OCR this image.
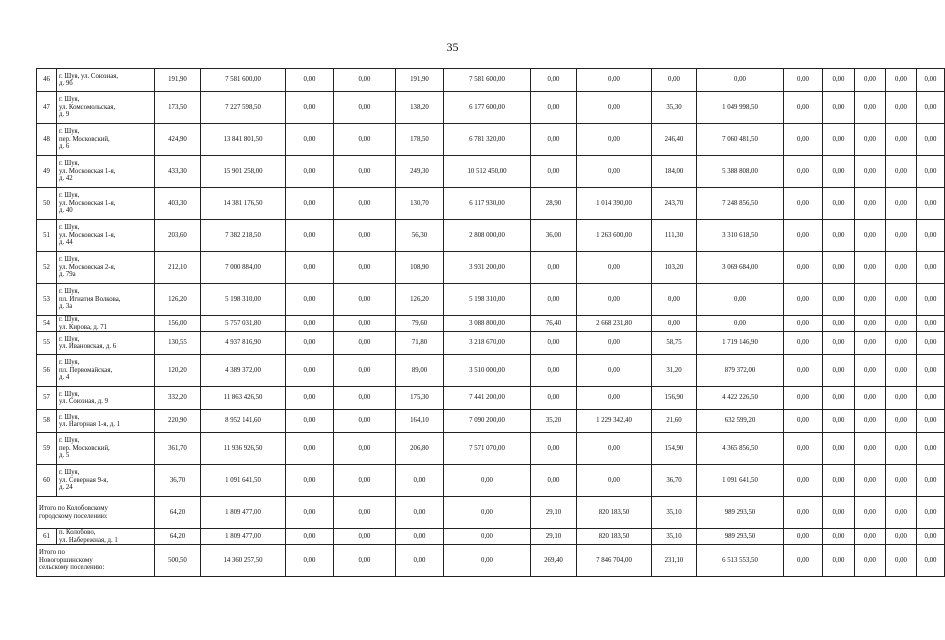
35
46	г. Шуя, ул. Союзная,
д. 9б	191,90	7 581 600,00	0,00	0,00	191,90	7 581 600,00	0,00	0,00	0,00	0,00	0,00	0,00	0,00	0,00	0,00
47	г. Шуя,
ул. Комсомольская,
д. 9	173,50	7 227 598,50	0,00	0,00	138,20	6 177 600,00	0,00	0,00	35,30	1 049 998,50	0,00	0,00	0,00	0,00	0,00
48	г. Шуя,
пер. Московский,
д. 6	424,90	13 841 801,50	0,00	0,00	178,50	6 781 320,00	0,00	0,00	246,40	7 060 481,50	0,00	0,00	0,00	0,00	0,00
49	г. Шуя,
ул. Московская 1-я,
д. 42	433,30	15 901 258,00	0,00	0,00	249,30	10 512 450,00	0,00	0,00	184,00	5 388 808,00	0,00	0,00	0,00	0,00	0,00
50	г. Шуя,
ул. Московская 1-я,
д. 40	403,30	14 381 176,50	0,00	0,00	130,70	6 117 930,00	28,90	1 014 390,00	243,70	7 248 856,50	0,00	0,00	0,00	0,00	0,00
51	г. Шуя,
ул. Московская 1-я,
д. 44	203,60	7 382 218,50	0,00	0,00	56,30	2 808 000,00	36,00	1 263 600,00	111,30	3 310 618,50	0,00	0,00	0,00	0,00	0,00
52	г. Шуя,
ул. Московская 2-я,
д. 79а	212,10	7 000 884,00	0,00	0,00	108,90	3 931 200,00	0,00	0,00	103,20	3 069 684,00	0,00	0,00	0,00	0,00	0,00
53	г. Шуя,
пл. Игнатия Волкова,
д. 3а	126,20	5 198 310,00	0,00	0,00	126,20	5 198 310,00	0,00	0,00	0,00	0,00	0,00	0,00	0,00	0,00	0,00
54	г. Шуя,
ул. Кирова, д. 71	156,00	5 757 031,80	0,00	0,00	79,60	3 088 800,00	76,40	2 668 231,80	0,00	0,00	0,00	0,00	0,00	0,00	0,00
55	г. Шуя,
ул. Ивановская, д. 6	130,55	4 937 816,90	0,00	0,00	71,80	3 218 670,00	0,00	0,00	58,75	1 719 146,90	0,00	0,00	0,00	0,00	0,00
56	г. Шуя,
пл. Первомайская,
д. 4	120,20	4 389 372,00	0,00	0,00	89,00	3 510 000,00	0,00	0,00	31,20	879 372,00	0,00	0,00	0,00	0,00	0,00
57	г. Шуя,
ул. Союзная, д. 9	332,20	11 863 426,50	0,00	0,00	175,30	7 441 200,00	0,00	0,00	156,90	4 422 226,50	0,00	0,00	0,00	0,00	0,00
58	г. Шуя,
ул. Нагорная 1-я, д. 1	220,90	8 952 141,60	0,00	0,00	164,10	7 090 200,00	35,20	1 229 342,40	21,60	632 599,20	0,00	0,00	0,00	0,00	0,00
59	г. Шуя,
пер. Московский,
д. 5	361,70	11 936 926,50	0,00	0,00	206,80	7 571 070,00	0,00	0,00	154,90	4 365 856,50	0,00	0,00	0,00	0,00	0,00
60	г. Шуя,
ул. Северная 9-я,
д. 24	36,70	1 091 641,50	0,00	0,00	0,00	0,00	0,00	0,00	36,70	1 091 641,50	0,00	0,00	0,00	0,00	0,00
Итого по Колобовскому
городскому поселению:		64,20	1 809 477,00	0,00	0,00	0,00	0,00	29,10	820 183,50	35,10	989 293,50	0,00	0,00	0,00	0,00	0,00
61	п. Колобово,
ул. Набережная, д. 1	64,20	1 809 477,00	0,00	0,00	0,00	0,00	29,10	820 183,50	35,10	989 293,50	0,00	0,00	0,00	0,00	0,00
Итого по
Новогоршинскому
сельскому поселению:		500,50	14 360 257,50	0,00	0,00	0,00	0,00	269,40	7 846 704,00	231,10	6 513 553,50	0,00	0,00	0,00	0,00	0,00
